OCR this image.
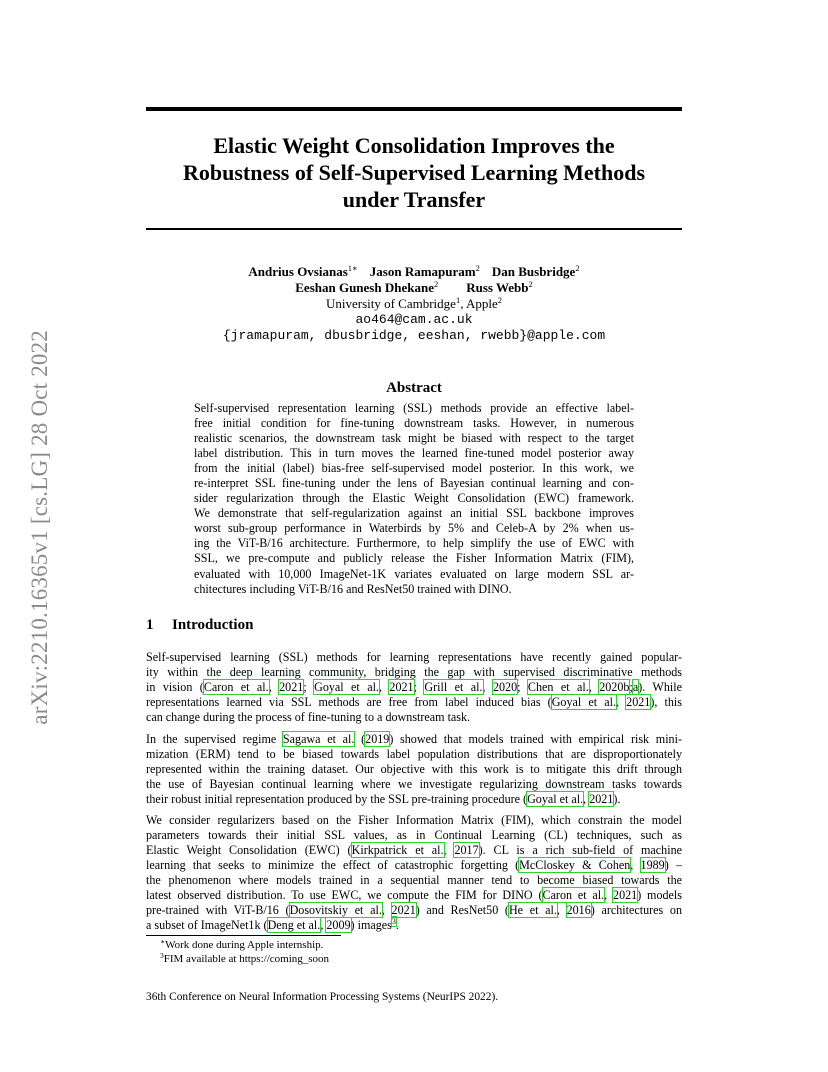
arXiv:2210.16365v1 [cs.LG] 28 Oct 2022
Elastic Weight Consolidation Improves the
Robustness of Self-Supervised Learning Methods
under Transfer
Andrius Ovsianas$^{1∗}$ Jason Ramapuram$^2$ Dan Busbridge$^2$
Eeshan Gunesh Dhekane$^2$ Russ Webb$^2$
University of Cambridge$^1$, Apple$^2$
ao464@cam.ac.uk
{jramapuram, dbusbridge, eeshan, rwebb}@apple.com
Abstract
Self-supervised representation learning (SSL) methods provide an effective label-
free initial condition for fine-tuning downstream tasks. However, in numerous
realistic scenarios, the downstream task might be biased with respect to the target
label distribution. This in turn moves the learned fine-tuned model posterior away
from the initial (label) bias-free self-supervised model posterior. In this work, we
re-interpret SSL fine-tuning under the lens of Bayesian continual learning and con-
sider regularization through the Elastic Weight Consolidation (EWC) framework.
We demonstrate that self-regularization against an initial SSL backbone improves
worst sub-group performance in Waterbirds by 5% and Celeb-A by 2% when us-
ing the ViT-B/16 architecture. Furthermore, to help simplify the use of EWC with
SSL, we pre-compute and publicly release the Fisher Information Matrix (FIM),
evaluated with 10,000 ImageNet-1K variates evaluated on large modern SSL ar-
chitectures including ViT-B/16 and ResNet50 trained with DINO.
1 Introduction
Self-supervised learning (SSL) methods for learning representations have recently gained popular-
ity within the deep learning community, bridging the gap with supervised discriminative methods
in vision (Caron et al., 2021; Goyal et al., 2021; Grill et al., 2020; Chen et al., 2020b;a). While
representations learned via SSL methods are free from label induced bias (Goyal et al., 2021), this
can change during the process of fine-tuning to a downstream task.
In the supervised regime Sagawa et al. (2019) showed that models trained with empirical risk mini-
mization (ERM) tend to be biased towards label population distributions that are disproportionately
represented within the training dataset. Our objective with this work is to mitigate this drift through
the use of Bayesian continual learning where we investigate regularizing downstream tasks towards
their robust initial representation produced by the SSL pre-training procedure (Goyal et al., 2021).
We consider regularizers based on the Fisher Information Matrix (FIM), which constrain the model
parameters towards their initial SSL values, as in Continual Learning (CL) techniques, such as
Elastic Weight Consolidation (EWC) (Kirkpatrick et al., 2017). CL is a rich sub-field of machine
learning that seeks to minimize the effect of catastrophic forgetting (McCloskey & Cohen, 1989) –
the phenomenon where models trained in a sequential manner tend to become biased towards the
latest observed distribution. To use EWC, we compute the FIM for DINO (Caron et al., 2021) models
pre-trained with ViT-B/16 (Dosovitskiy et al., 2021) and ResNet50 (He et al., 2016) architectures on
a subset of ImageNet1k (Deng et al., 2009) images$^3$.
∗Work done during Apple internship.
$^3$FIM available at https://coming_soon
36th Conference on Neural Information Processing Systems (NeurIPS 2022).
